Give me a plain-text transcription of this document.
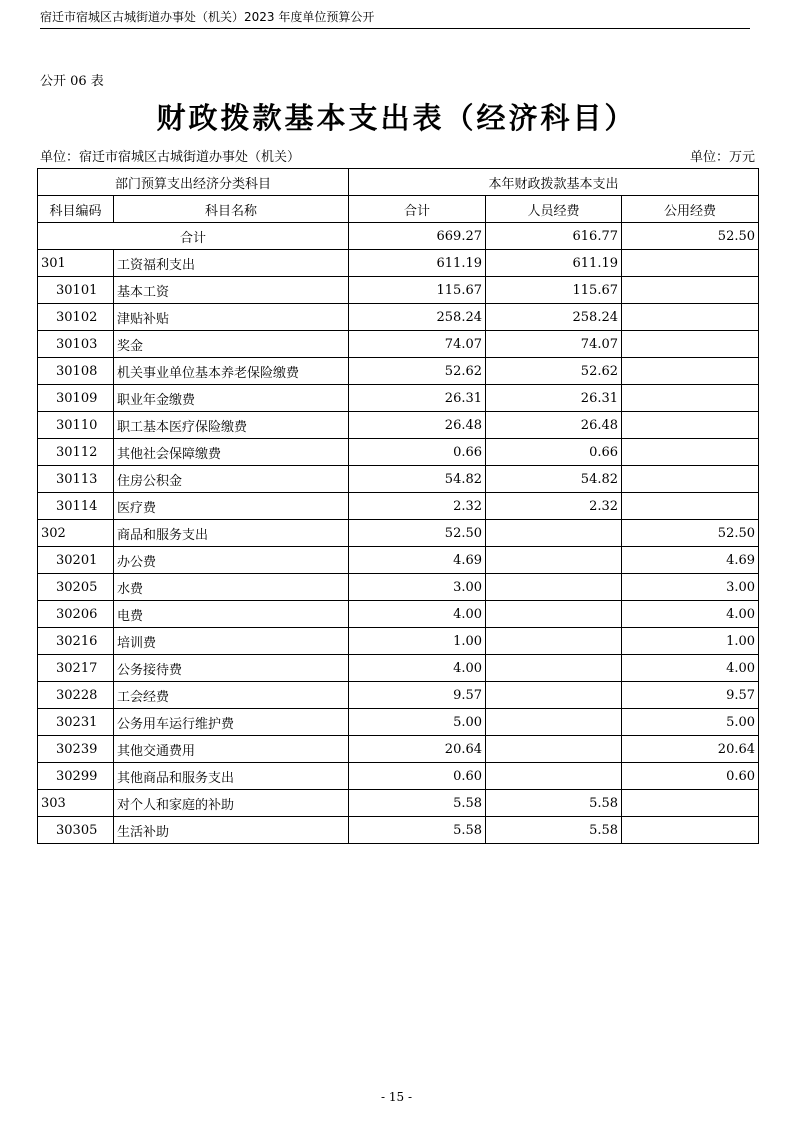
宿迁市宿城区古城街道办事处（机关）2023 年度单位预算公开
公开 06 表
财政拨款基本支出表（经济科目）
单位：宿迁市宿城区古城街道办事处（机关）	单位：万元
部门预算支出经济分类科目		本年财政拨款基本支出		
科目编码	科目名称	合计	人员经费	公用经费
合计		669.27	616.77	52.50
301	工资福利支出	611.19	611.19	
30101	基本工资	115.67	115.67	
30102	津贴补贴	258.24	258.24	
30103	奖金	74.07	74.07	
30108	机关事业单位基本养老保险缴费	52.62	52.62	
30109	职业年金缴费	26.31	26.31	
30110	职工基本医疗保险缴费	26.48	26.48	
30112	其他社会保障缴费	0.66	0.66	
30113	住房公积金	54.82	54.82	
30114	医疗费	2.32	2.32	
302	商品和服务支出	52.50		52.50
30201	办公费	4.69		4.69
30205	水费	3.00		3.00
30206	电费	4.00		4.00
30216	培训费	1.00		1.00
30217	公务接待费	4.00		4.00
30228	工会经费	9.57		9.57
30231	公务用车运行维护费	5.00		5.00
30239	其他交通费用	20.64		20.64
30299	其他商品和服务支出	0.60		0.60
303	对个人和家庭的补助	5.58	5.58	
30305	生活补助	5.58	5.58	
- 15 -
